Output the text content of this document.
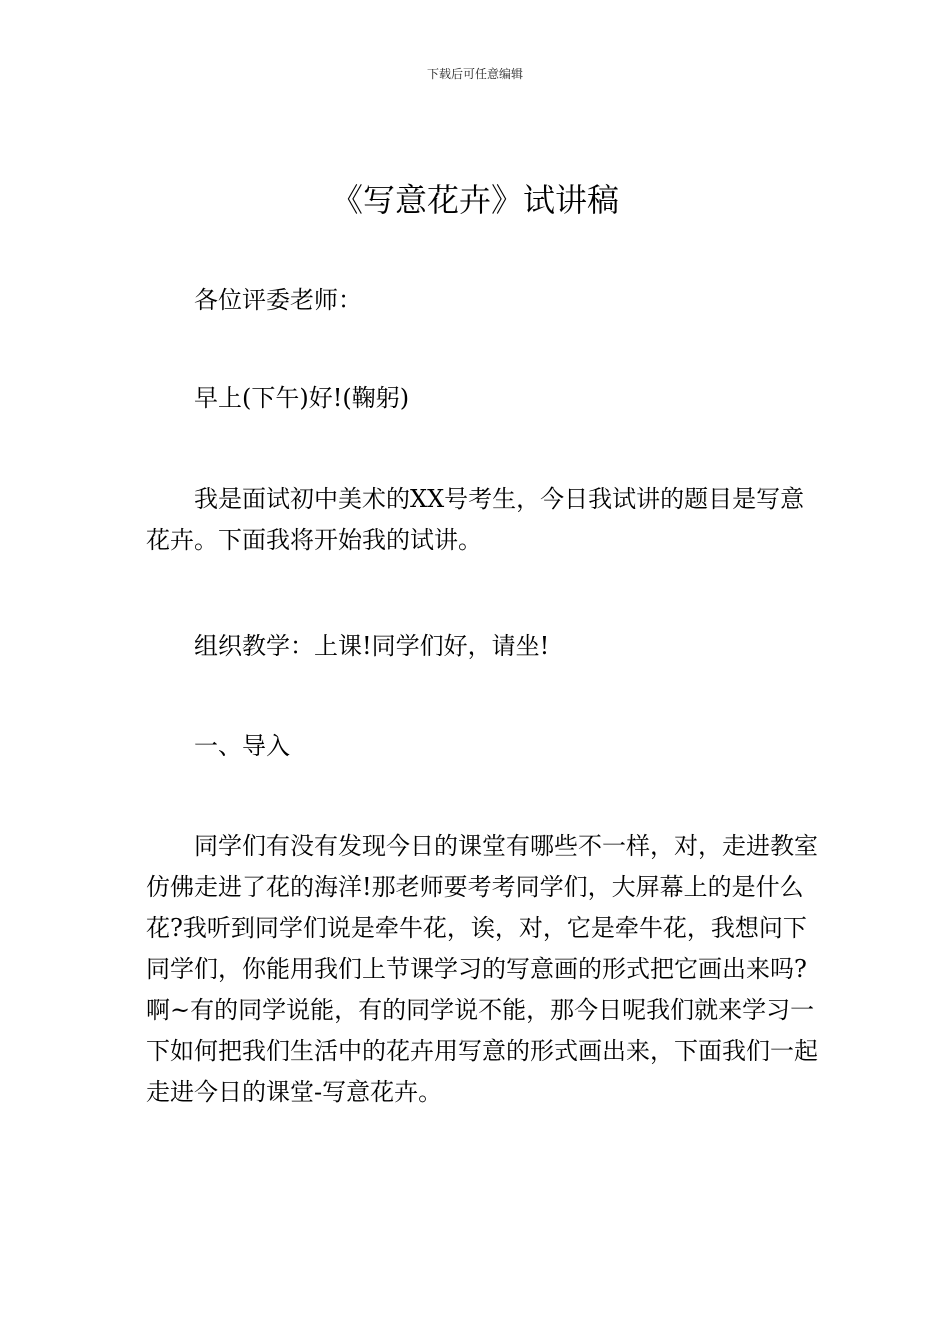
下载后可任意编辑
《写意花卉》试讲稿

各位评委老师：

早上(下午)好!(鞠躬)

我是面试初中美术的XX号考生，今日我试讲的题目是写意花卉。下面我将开始我的试讲。

组织教学：上课!同学们好，请坐!

一、导入

同学们有没有发现今日的课堂有哪些不一样，对，走进教室仿佛走进了花的海洋!那老师要考考同学们，大屏幕上的是什么花?我听到同学们说是牵牛花，诶，对，它是牵牛花，我想问下同学们，你能用我们上节课学习的写意画的形式把它画出来吗?啊~有的同学说能，有的同学说不能，那今日呢我们就来学习一下如何把我们生活中的花卉用写意的形式画出来，下面我们一起走进今日的课堂-写意花卉。
